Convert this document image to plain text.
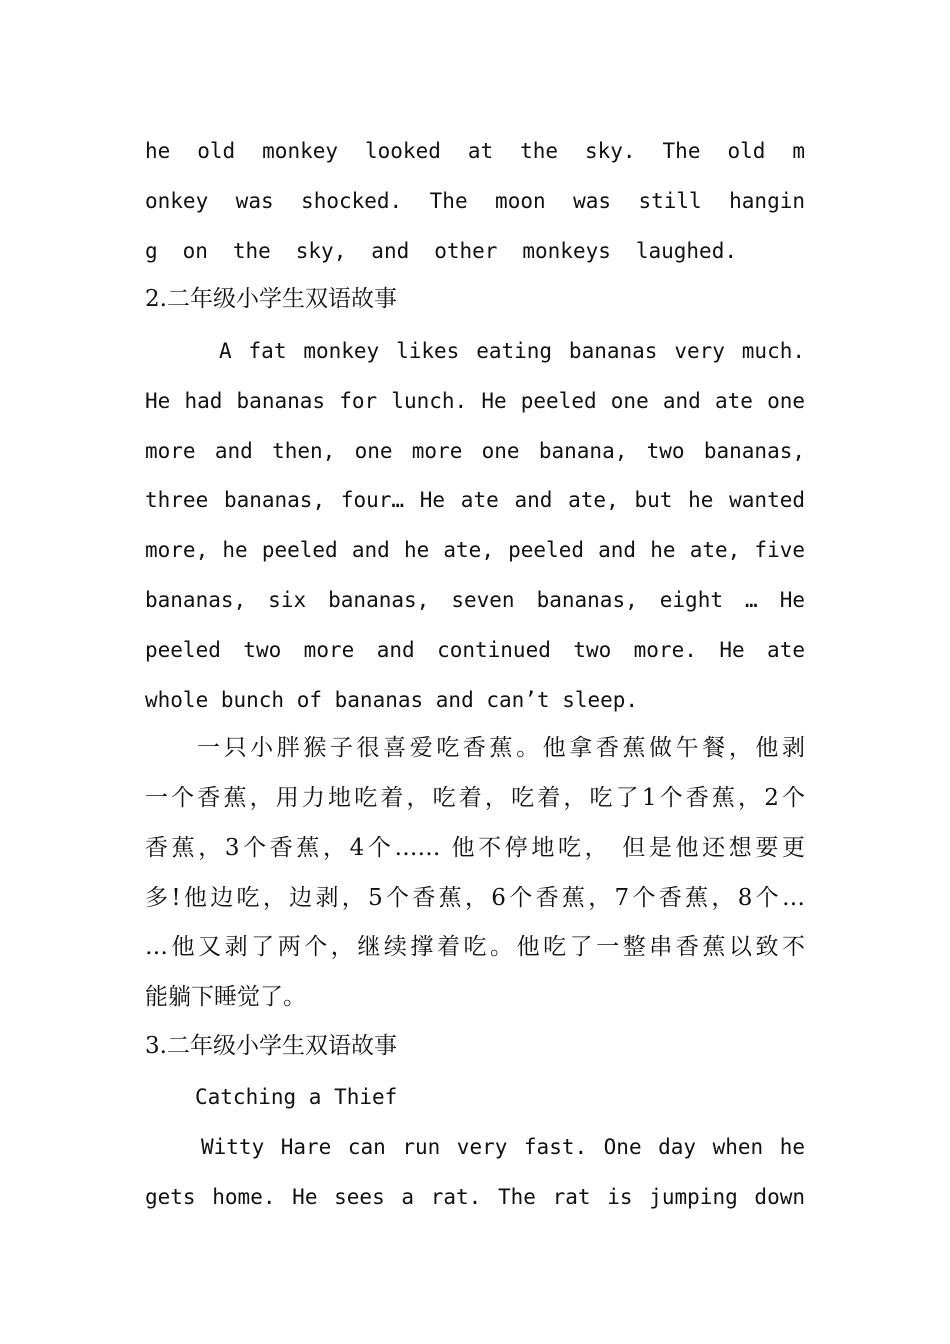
he old monkey looked at the sky. The old m
onkey was shocked. The moon was still hangin
g on the sky, and other monkeys laughed.
2.二年级小学生双语故事
A fat monkey likes eating bananas very much.
He had bananas for lunch. He peeled one and ate one
more and then, one more one banana, two bananas,
three bananas, four… He ate and ate, but he wanted
more, he peeled and he ate, peeled and he ate, five
bananas, six bananas, seven bananas, eight … He
peeled two more and continued two more. He ate
whole bunch of bananas and can’t sleep.
一只小胖猴子很喜爱吃香蕉。他拿香蕉做午餐，他剥
一个香蕉，用力地吃着，吃着，吃着，吃了1个香蕉，2个
香蕉，3个香蕉，4个…… 他不停地吃， 但是他还想要更
多!他边吃，边剥，5个香蕉，6个香蕉，7个香蕉，8个…
…他又剥了两个，继续撑着吃。他吃了一整串香蕉以致不
能躺下睡觉了。
3.二年级小学生双语故事
Catching a Thief
Witty Hare can run very fast. One day when he
gets home. He sees a rat. The rat is jumping down
